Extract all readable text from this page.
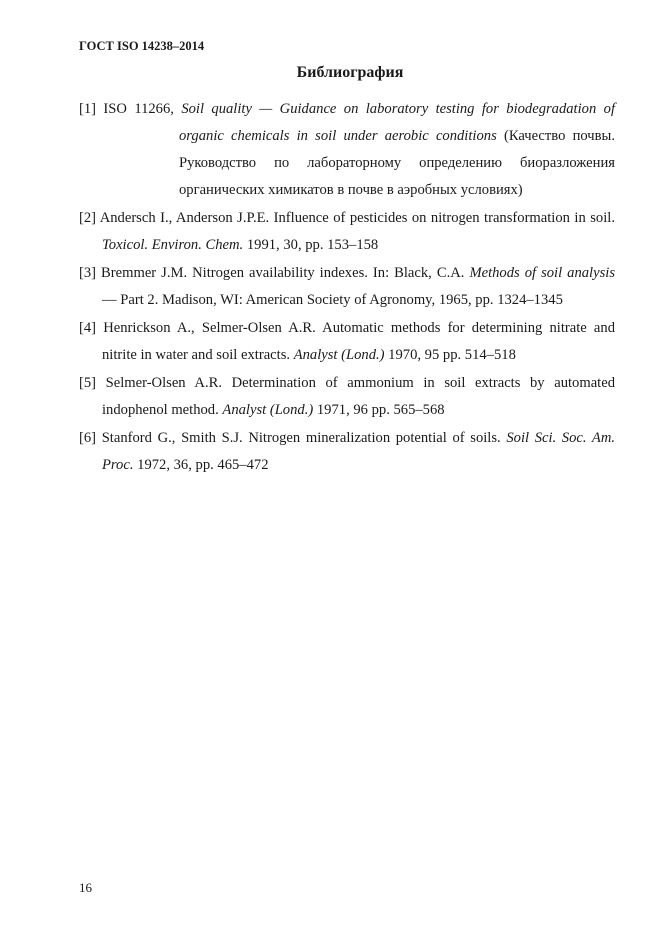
ГОСТ ISO 14238–2014
Библиография
[1] ISO 11266, Soil quality — Guidance on laboratory testing for biodegradation of organic chemicals in soil under aerobic conditions (Качество почвы. Руководство по лабораторному определению биоразложения органических химикатов в почве в аэробных условиях)
[2] Andersch I., Anderson J.P.E. Influence of pesticides on nitrogen transformation in soil. Toxicol. Environ. Chem. 1991, 30, pp. 153–158
[3] Bremmer J.M. Nitrogen availability indexes. In: Black, C.A. Methods of soil analysis — Part 2. Madison, WI: American Society of Agronomy, 1965, pp. 1324–1345
[4] Henrickson A., Selmer-Olsen A.R. Automatic methods for determining nitrate and nitrite in water and soil extracts. Analyst (Lond.) 1970, 95 pp. 514–518
[5] Selmer-Olsen A.R. Determination of ammonium in soil extracts by automated indophenol method. Analyst (Lond.) 1971, 96 pp. 565–568
[6] Stanford G., Smith S.J. Nitrogen mineralization potential of soils. Soil Sci. Soc. Am. Proc. 1972, 36, pp. 465–472
16
